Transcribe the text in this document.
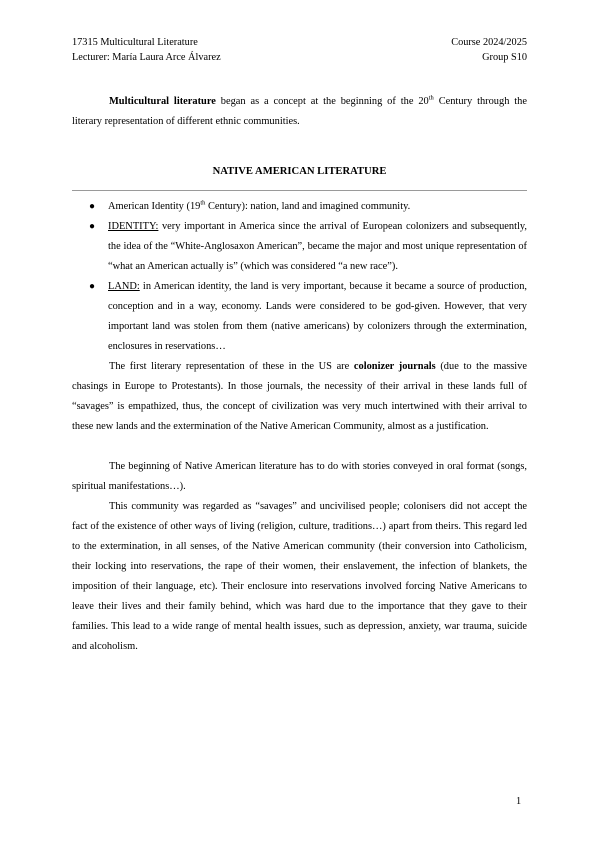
17315 Multicultural Literature	Course 2024/2025
Lecturer: María Laura Arce Álvarez	Group S10

Multicultural literature began as a concept at the beginning of the 20th Century through the literary representation of different ethnic communities.

NATIVE AMERICAN LITERATURE
● American Identity (19th Century): nation, land and imagined community.
● IDENTITY: very important in America since the arrival of European colonizers and subsequently, the idea of the “White-Anglosaxon American”, became the major and most unique representation of “what an American actually is” (which was considered “a new race”).
● LAND: in American identity, the land is very important, because it became a source of production, conception and in a way, economy. Lands were considered to be god-given. However, that very important land was stolen from them (native americans) by colonizers through the extermination, enclosures in reservations…

The first literary representation of these in the US are colonizer journals (due to the massive chasings in Europe to Protestants). In those journals, the necessity of their arrival in these lands full of “savages” is empathized, thus, the concept of civilization was very much intertwined with their arrival to these new lands and the extermination of the Native American Community, almost as a justification.

The beginning of Native American literature has to do with stories conveyed in oral format (songs, spiritual manifestations…).

This community was regarded as “savages” and uncivilised people; colonisers did not accept the fact of the existence of other ways of living (religion, culture, traditions…) apart from theirs. This regard led to the extermination, in all senses, of the Native American community (their conversion into Catholicism, their locking into reservations, the rape of their women, their enslavement, the infection of blankets, the imposition of their language, etc). Their enclosure into reservations involved forcing Native Americans to leave their lives and their family behind, which was hard due to the importance that they gave to their families. This lead to a wide range of mental health issues, such as depression, anxiety, war trauma, suicide and alcoholism.

1
